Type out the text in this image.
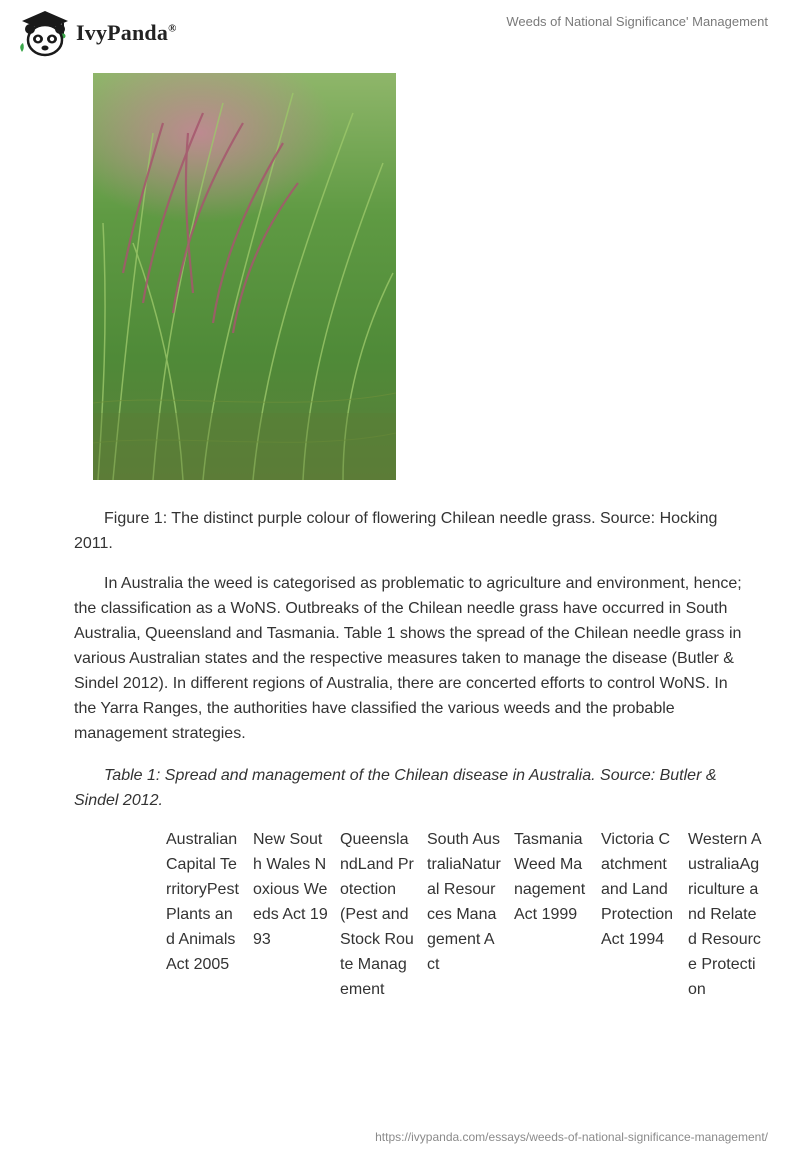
IvyPanda®	Weeds of National Significance' Management
Figure 1: The distinct purple colour of flowering Chilean needle grass. Source: Hocking 2011.
In Australia the weed is categorised as problematic to agriculture and environment, hence; the classification as a WoNS. Outbreaks of the Chilean needle grass have occurred in South Australia, Queensland and Tasmania. Table 1 shows the spread of the Chilean needle grass in various Australian states and the respective measures taken to manage the disease (Butler & Sindel 2012). In different regions of Australia, there are concerted efforts to control WoNS. In the Yarra Ranges, the authorities have classified the various weeds and the probable management strategies.
Table 1: Spread and management of the Chilean disease in Australia. Source: Butler & Sindel 2012.
Australian Capital TerritoryPest Plants and Animals Act 2005
New South Wales Noxious Weeds Act 1993
QueenslandLand Protection (Pest and Stock Route Management
South AustraliaNatural Resources Management Act
TasmaniaWeed Management Act 1999
Victoria Catchment and Land Protection Act 1994
Western AustraliaAgriculture and Related Resource Protection
https://ivypanda.com/essays/weeds-of-national-significance-management/
